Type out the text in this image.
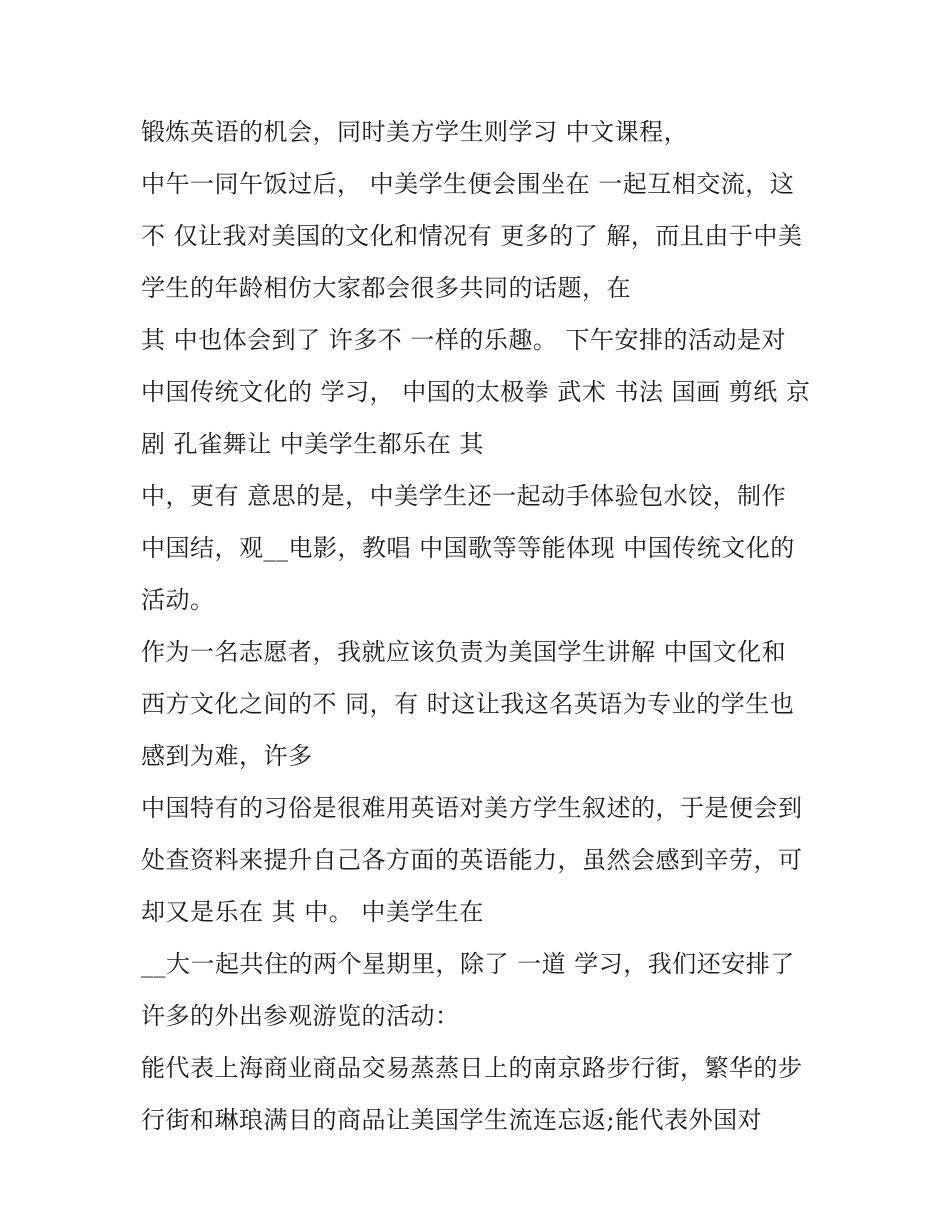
锻炼英语的机会，同时美方学生则学习 中文课程，
中午一同午饭过后， 中美学生便会围坐在 一起互相交流，这
不 仅让我对美国的文化和情况有 更多的了 解，而且由于中美
学生的年龄相仿大家都会很多共同的话题，在
其 中也体会到了 许多不 一样的乐趣。 下午安排的活动是对
中国传统文化的 学习， 中国的太极拳 武术 书法 国画 剪纸 京
剧 孔雀舞让 中美学生都乐在 其
中，更有 意思的是，中美学生还一起动手体验包水饺，制作
中国结，观__电影，教唱 中国歌等等能体现 中国传统文化的
活动。
作为一名志愿者，我就应该负责为美国学生讲解 中国文化和
西方文化之间的不 同，有 时这让我这名英语为专业的学生也
感到为难，许多
中国特有的习俗是很难用英语对美方学生叙述的，于是便会到
处查资料来提升自己各方面的英语能力，虽然会感到辛劳，可
却又是乐在 其 中。 中美学生在
__大一起共住的两个星期里，除了 一道 学习，我们还安排了
许多的外出参观游览的活动：
能代表上海商业商品交易蒸蒸日上的南京路步行街，繁华的步
行街和琳琅满目的商品让美国学生流连忘返;能代表外国对
